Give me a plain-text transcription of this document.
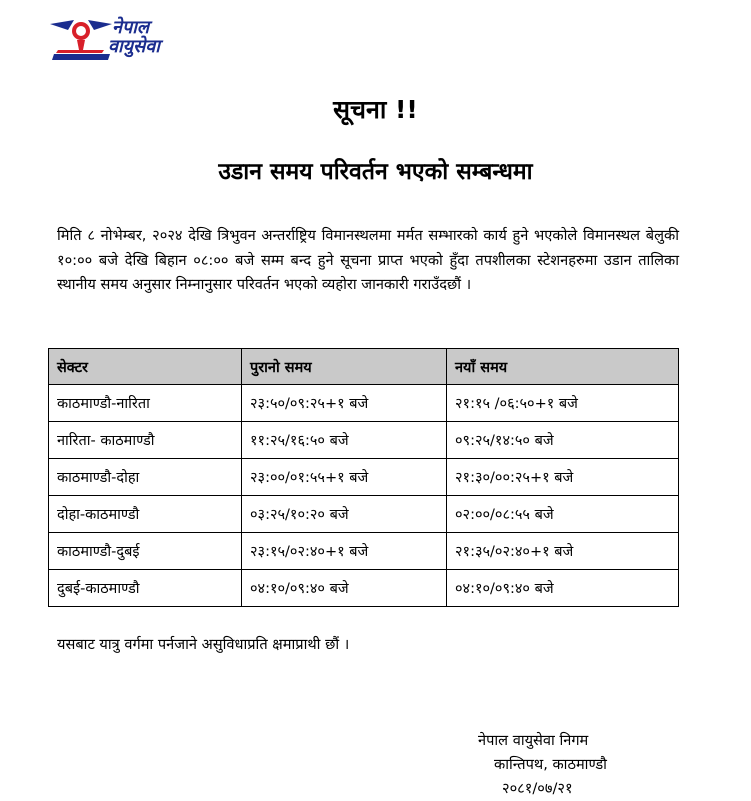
नेपाल
वायुसेवा
सूचना !!
उडान समय परिवर्तन भएको सम्बन्धमा
मिति ८ नोभेम्बर, २०२४ देखि त्रिभुवन अन्तर्राष्ट्रिय विमानस्थलमा मर्मत सम्भारको कार्य हुने भएकोले विमानस्थल बेलुकी १०:०० बजे देखि बिहान ०८:०० बजे सम्म बन्द हुने सूचना प्राप्त भएको हुँदा तपशीलका स्टेशनहरुमा उडान तालिका स्थानीय समय अनुसार निम्नानुसार परिवर्तन भएको व्यहोरा जानकारी गराउँदछौं ।
सेक्टर	पुरानो समय	नयाँ समय
काठमाण्डौ-नारिता	२३:५०/०९:२५+१ बजे	२१:१५ /०६:५०+१ बजे
नारिता- काठमाण्डौ	११:२५/१६:५० बजे	०९:२५/१४:५० बजे
काठमाण्डौ-दोहा	२३:००/०१:५५+१ बजे	२१:३०/००:२५+१ बजे
दोहा-काठमाण्डौ	०३:२५/१०:२० बजे	०२:००/०८:५५ बजे
काठमाण्डौ-दुबई	२३:१५/०२:४०+१ बजे	२१:३५/०२:४०+१ बजे
दुबई-काठमाण्डौ	०४:१०/०९:४० बजे	०४:१०/०९:४० बजे
यसबाट यात्रु वर्गमा पर्नजाने असुविधाप्रति क्षमाप्राथी छौं ।
नेपाल वायुसेवा निगम
कान्तिपथ, काठमाण्डौ
२०८१/०७/२१
